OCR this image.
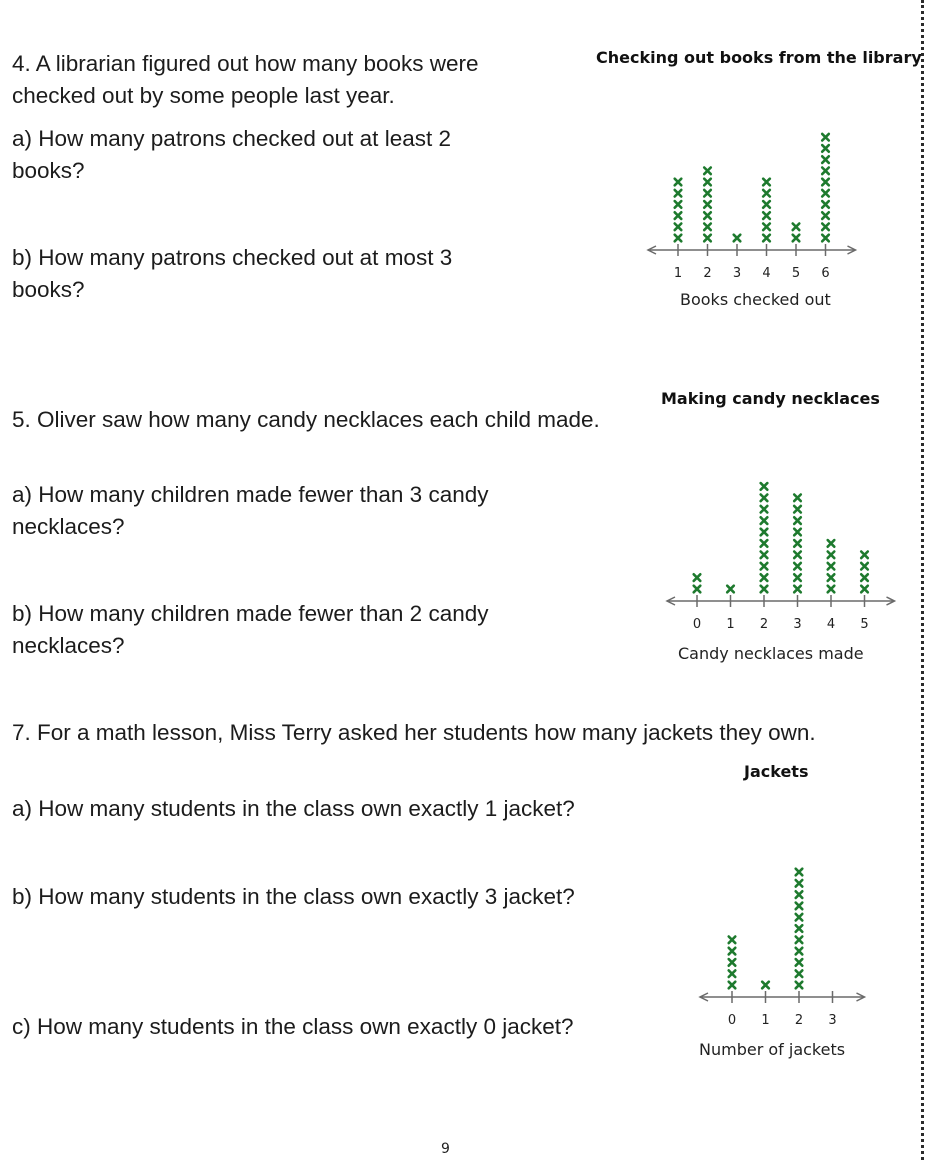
4. A librarian figured out how many books were checked out by some people last year.

a) How many patrons checked out at least 2 books?

b) How many patrons checked out at most 3 books?

Checking out books from the library
1 2 3 4 5 6
Books checked out

5. Oliver saw how many candy necklaces each child made.

a) How many children made fewer than 3 candy necklaces?

b) How many children made fewer than 2 candy necklaces?

Making candy necklaces
0 1 2 3 4 5
Candy necklaces made

7. For a math lesson, Miss Terry asked her students how many jackets they own.

a) How many students in the class own exactly 1 jacket?

b) How many students in the class own exactly 3 jacket?

c) How many students in the class own exactly 0 jacket?

Jackets
0 1 2 3
Number of jackets
9
